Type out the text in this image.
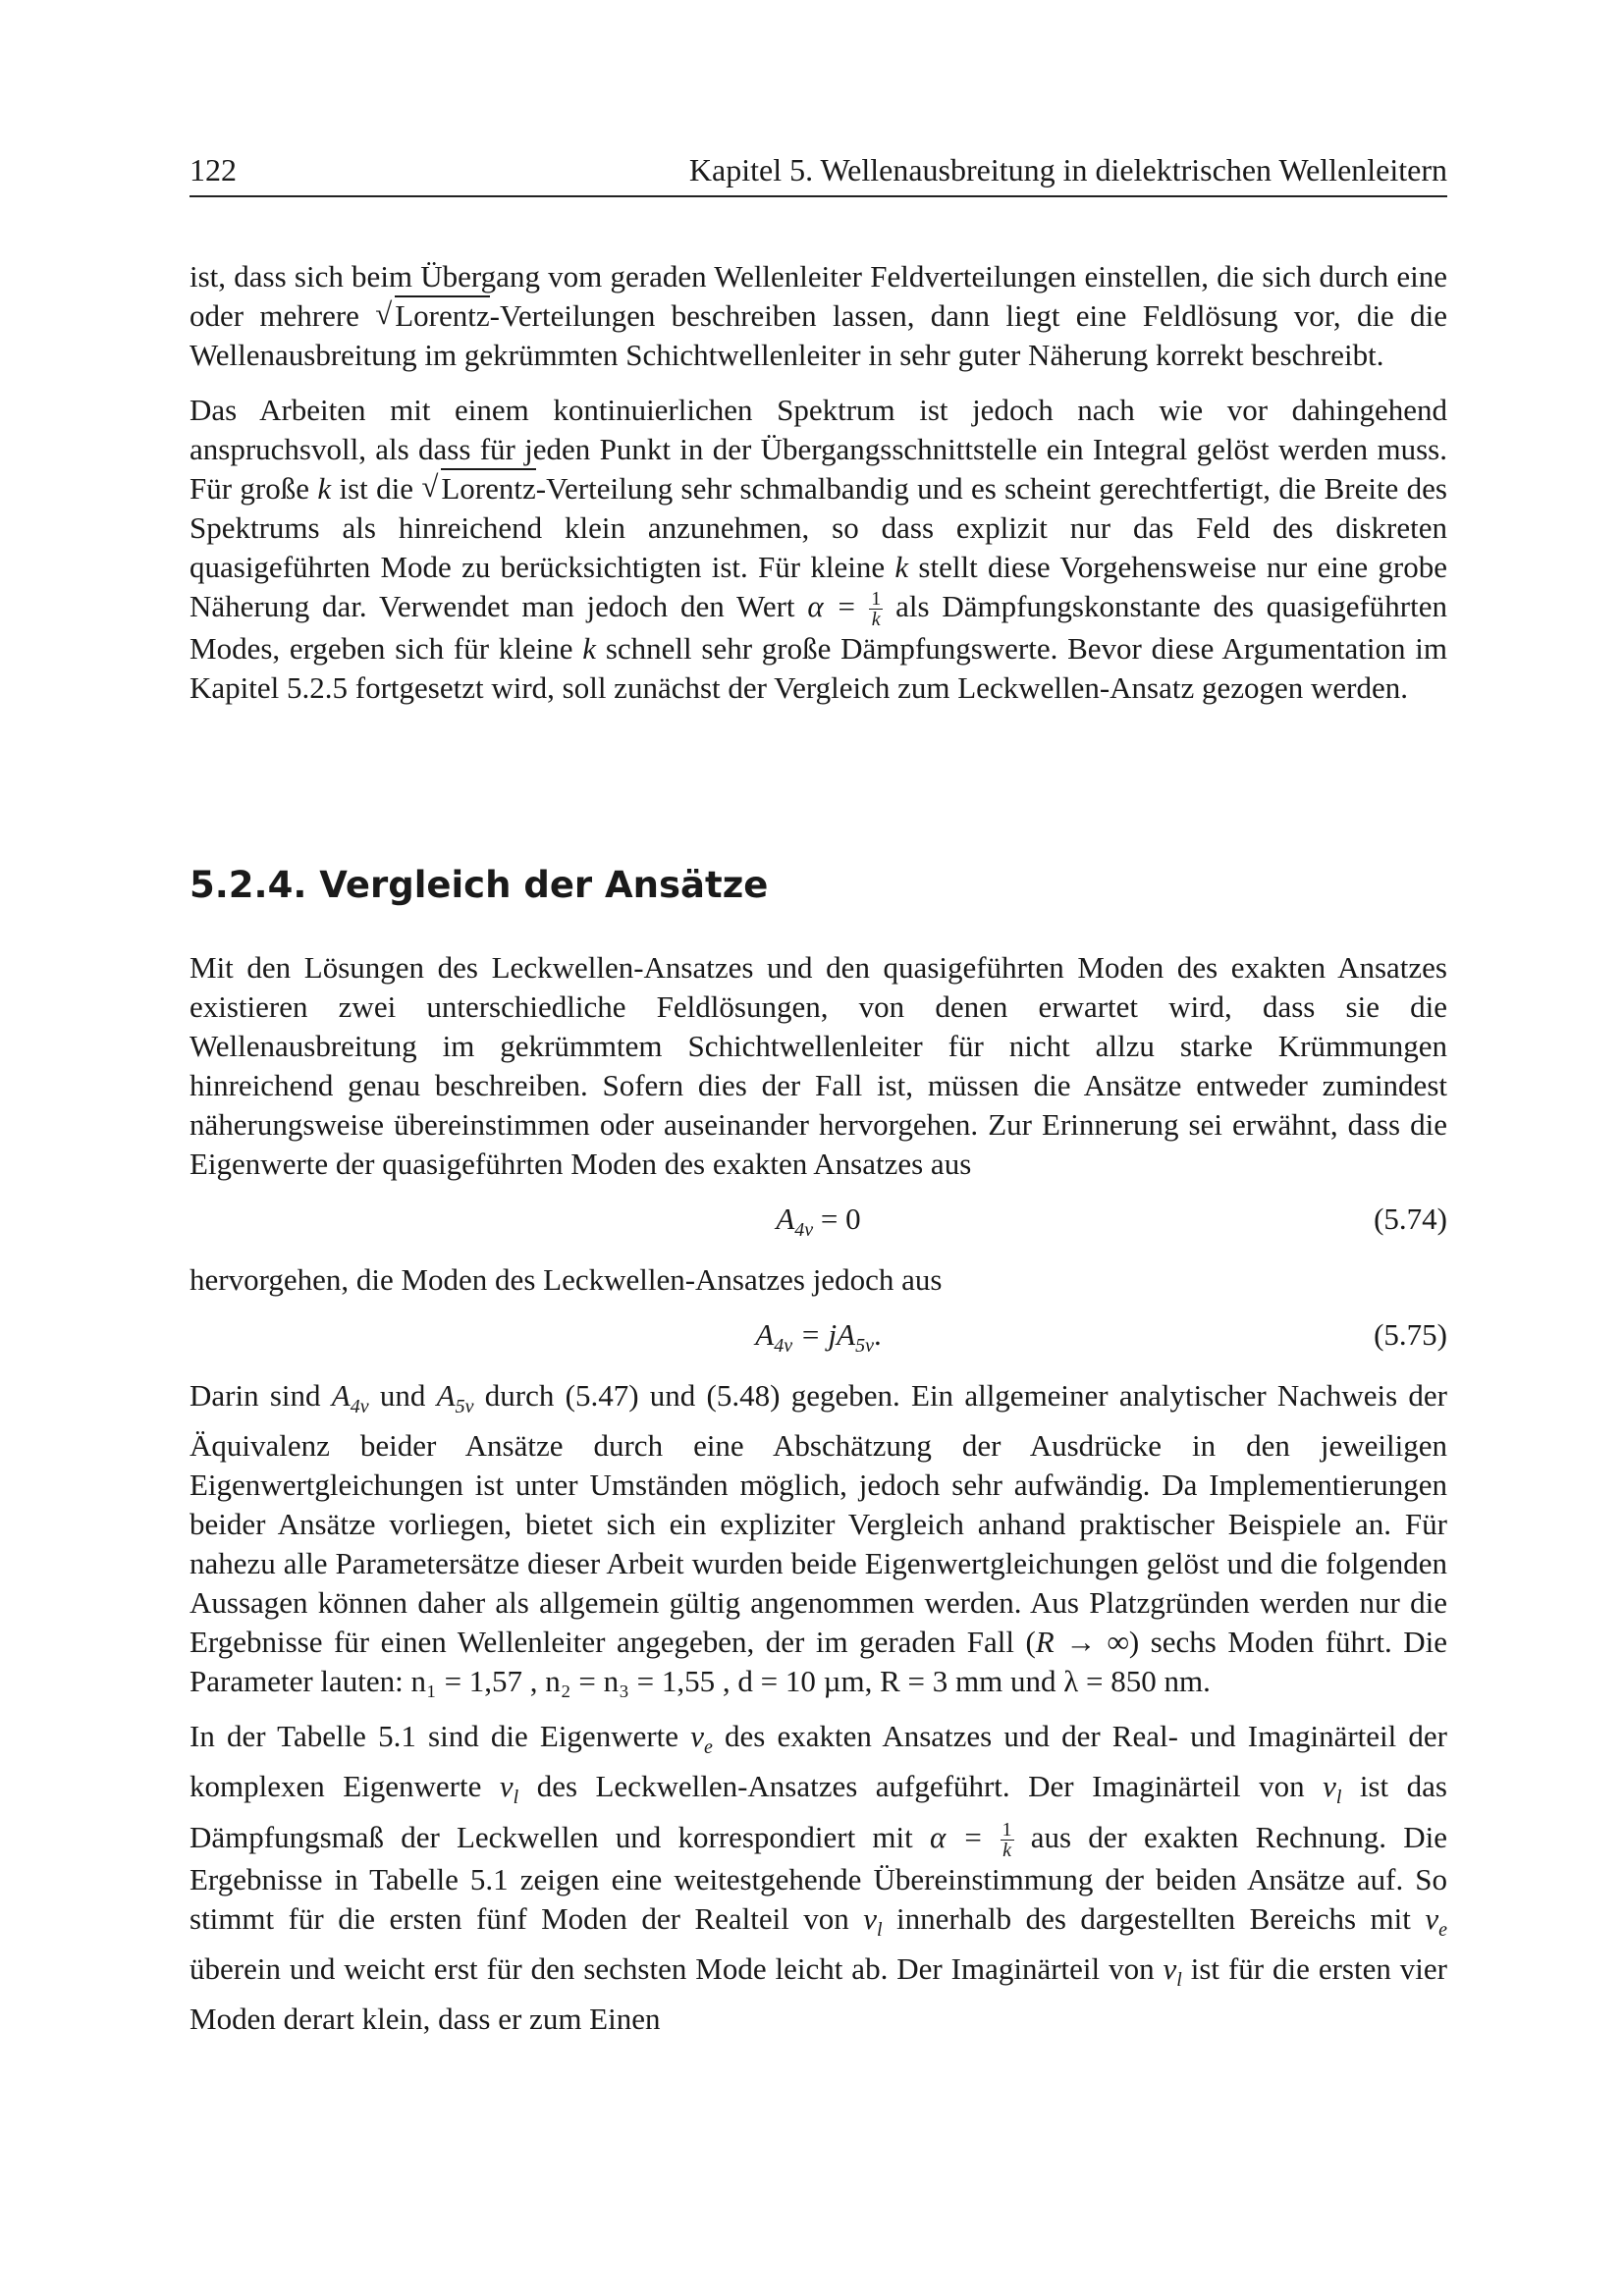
122	Kapitel 5. Wellenausbreitung in dielektrischen Wellenleitern

ist, dass sich beim Übergang vom geraden Wellenleiter Feldverteilungen einstellen, die sich durch eine oder mehrere √ Lorentz-Verteilungen beschreiben lassen, dann liegt eine Feldlösung vor, die die Wellenausbreitung im gekrümmten Schichtwellenleiter in sehr guter Näherung korrekt beschreibt.

Das Arbeiten mit einem kontinuierlichen Spektrum ist jedoch nach wie vor dahingehend anspruchsvoll, als dass für jeden Punkt in der Übergangsschnittstelle ein Integral gelöst werden muss. Für große k ist die √ Lorentz-Verteilung sehr schmalbandig und es scheint gerechtfertigt, die Breite des Spektrums als hinreichend klein anzunehmen, so dass explizit nur das Feld des diskreten quasigeführten Mode zu berücksichtigten ist. Für kleine k stellt diese Vorgehensweise nur eine grobe Näherung dar. Verwendet man jedoch den Wert $\alpha = \frac{1}{k}$ als Dämpfungskonstante des quasigeführten Modes, ergeben sich für kleine k schnell sehr große Dämpfungswerte. Bevor diese Argumentation im Kapitel 5.2.5 fortgesetzt wird, soll zunächst der Vergleich zum Leckwellen-Ansatz gezogen werden.

5.2.4. Vergleich der Ansätze

Mit den Lösungen des Leckwellen-Ansatzes und den quasigeführten Moden des exakten Ansatzes existieren zwei unterschiedliche Feldlösungen, von denen erwartet wird, dass sie die Wellenausbreitung im gekrümmtem Schichtwellenleiter für nicht allzu starke Krümmungen hinreichend genau beschreiben. Sofern dies der Fall ist, müssen die Ansätze entweder zumindest näherungsweise übereinstimmen oder auseinander hervorgehen. Zur Erinnerung sei erwähnt, dass die Eigenwerte der quasigeführten Moden des exakten Ansatzes aus

$A_{4\nu} = 0$	(5.74)

hervorgehen, die Moden des Leckwellen-Ansatzes jedoch aus

$A_{4\nu} = jA_{5\nu}$.	(5.75)

Darin sind $A_{4\nu}$ und $A_{5\nu}$ durch (5.47) und (5.48) gegeben. Ein allgemeiner analytischer Nachweis der Äquivalenz beider Ansätze durch eine Abschätzung der Ausdrücke in den jeweiligen Eigenwertgleichungen ist unter Umständen möglich, jedoch sehr aufwändig. Da Implementierungen beider Ansätze vorliegen, bietet sich ein expliziter Vergleich anhand praktischer Beispiele an. Für nahezu alle Parametersätze dieser Arbeit wurden beide Eigenwertgleichungen gelöst und die folgenden Aussagen können daher als allgemein gültig angenommen werden. Aus Platzgründen werden nur die Ergebnisse für einen Wellenleiter angegeben, der im geraden Fall (R → ∞) sechs Moden führt. Die Parameter lauten: n₁ = 1,57 , n₂ = n₃ = 1,55 , d = 10 µm, R = 3 mm und λ = 850 nm.

In der Tabelle 5.1 sind die Eigenwerte $\nu_e$ des exakten Ansatzes und der Real- und Imaginärteil der komplexen Eigenwerte $\nu_l$ des Leckwellen-Ansatzes aufgeführt. Der Imaginärteil von $\nu_l$ ist das Dämpfungsmaß der Leckwellen und korrespondiert mit $\alpha = \frac{1}{k}$ aus der exakten Rechnung. Die Ergebnisse in Tabelle 5.1 zeigen eine weitestgehende Übereinstimmung der beiden Ansätze auf. So stimmt für die ersten fünf Moden der Realteil von $\nu_l$ innerhalb des dargestellten Bereichs mit $\nu_e$ überein und weicht erst für den sechsten Mode leicht ab. Der Imaginärteil von $\nu_l$ ist für die ersten vier Moden derart klein, dass er zum Einen
